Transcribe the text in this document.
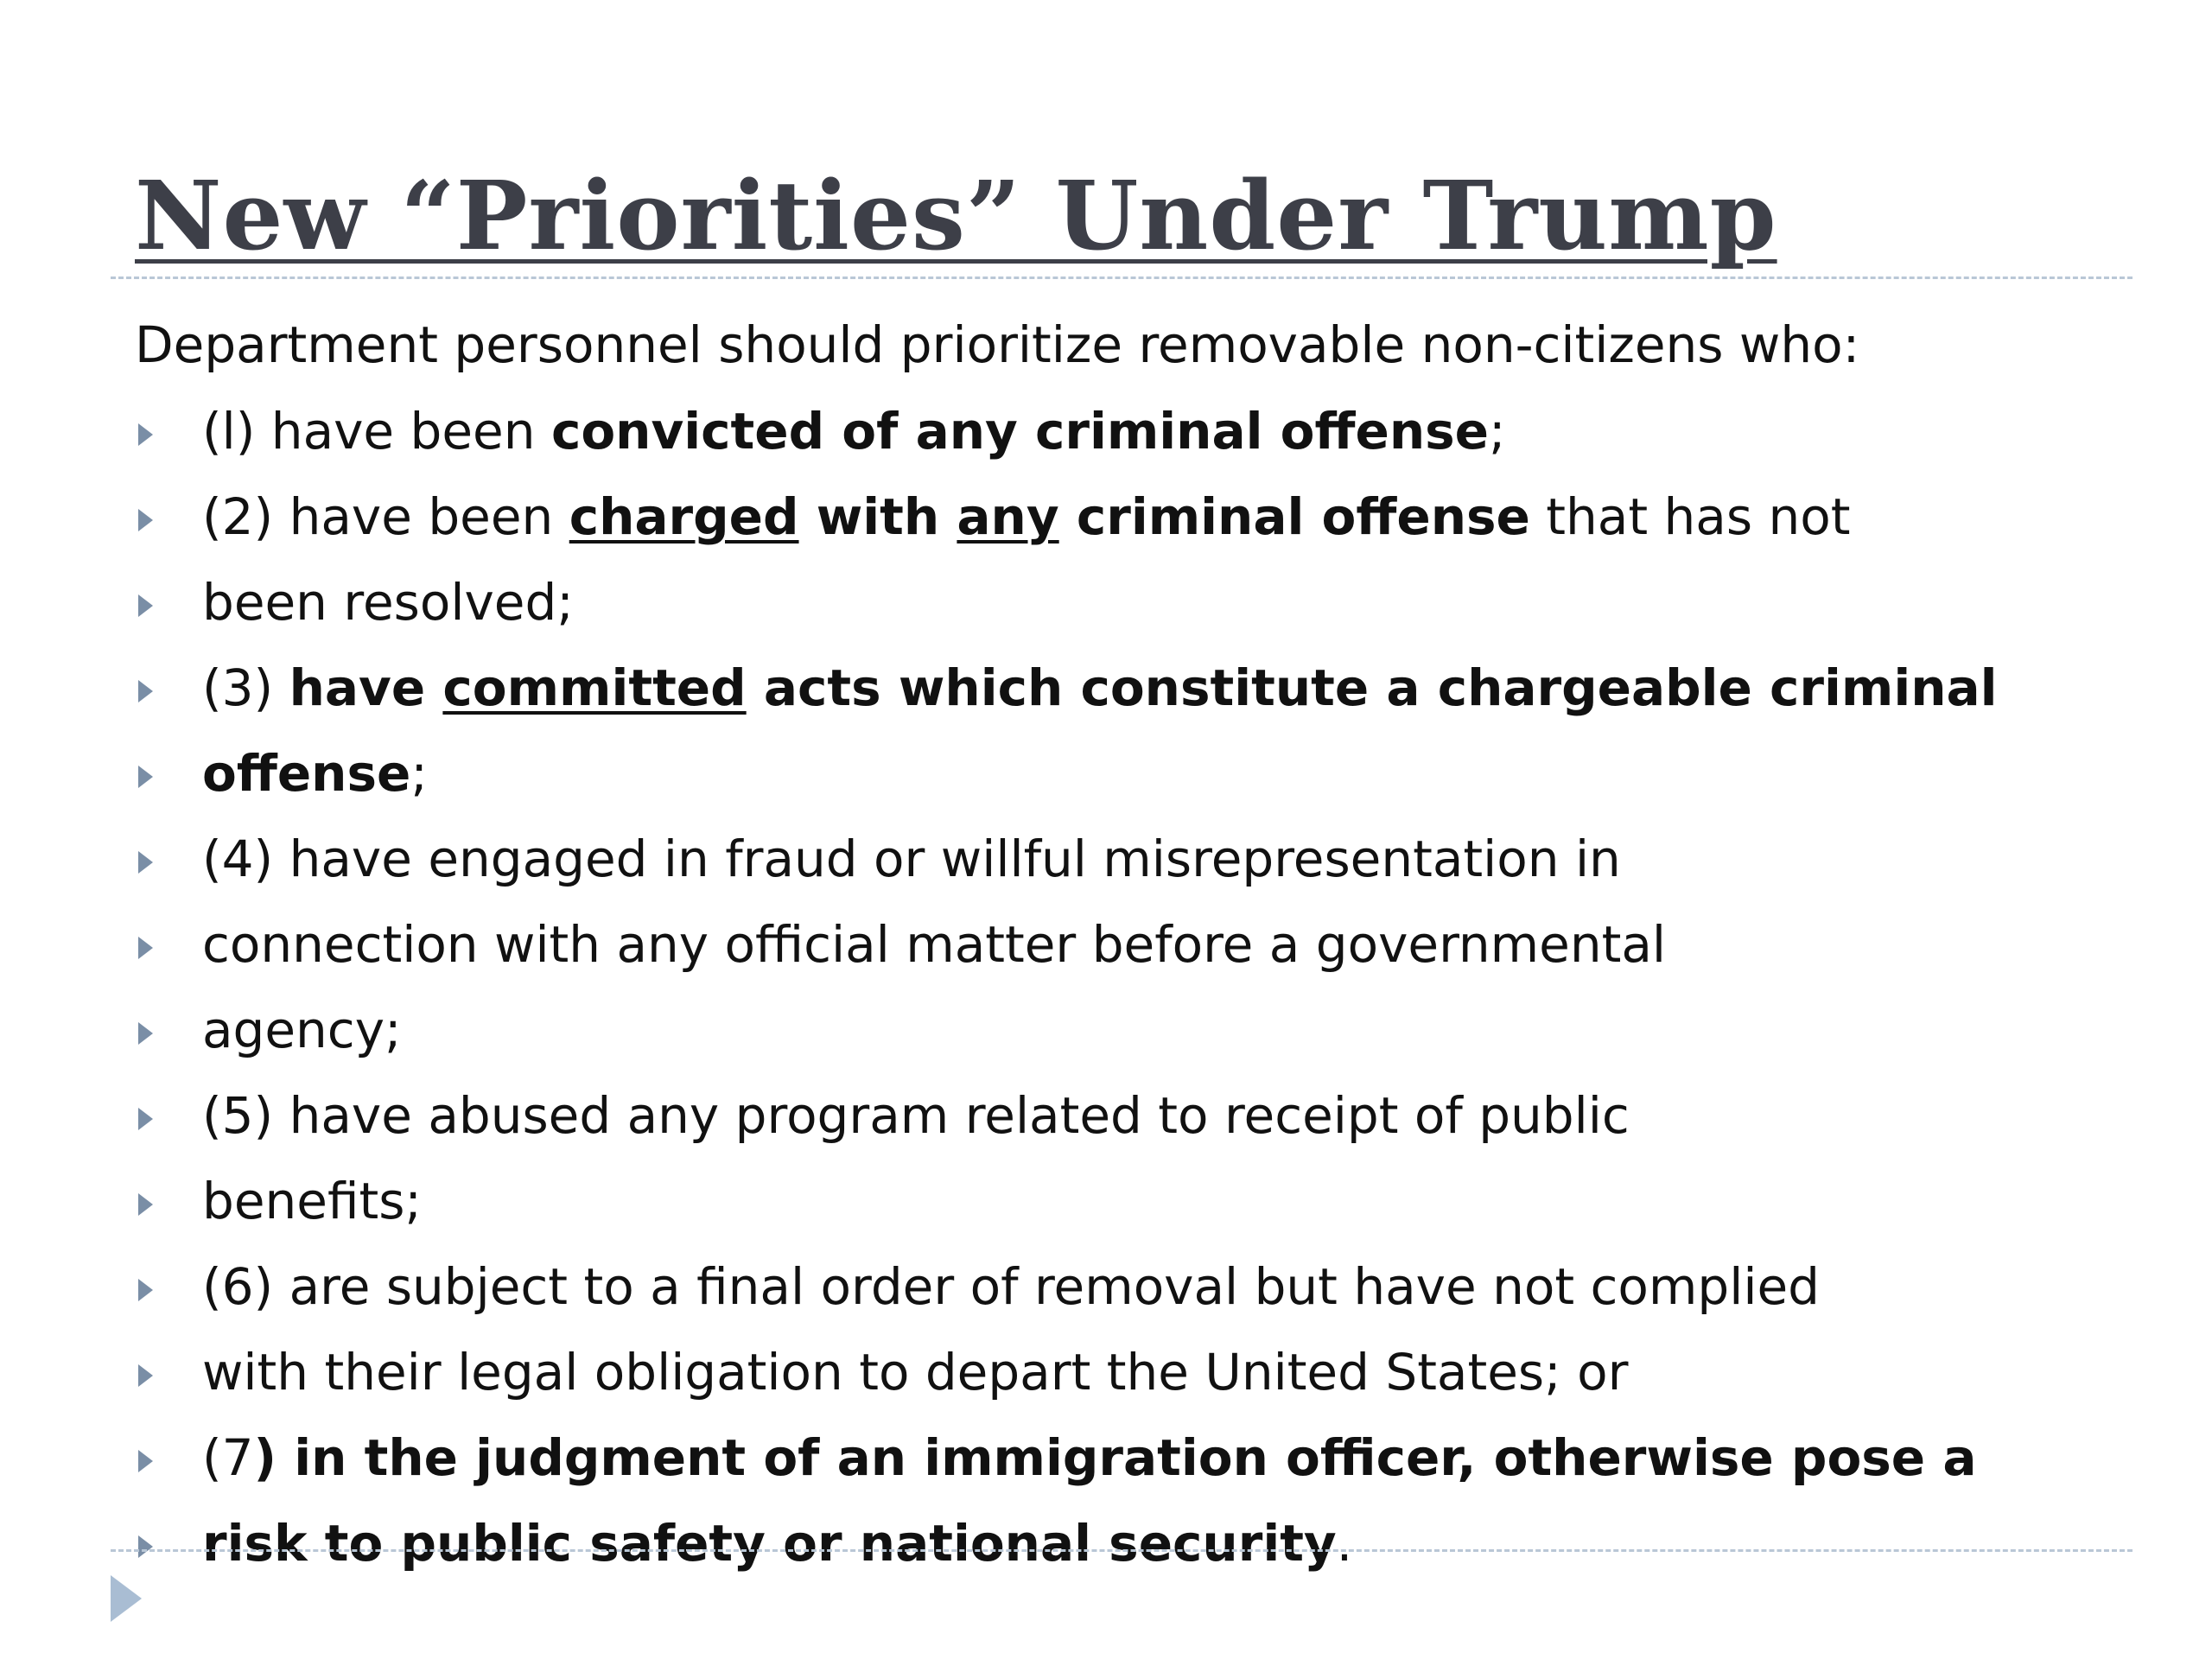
New “Priorities” Under Trump

Department personnel should prioritize removable non-citizens who:

(l) have been convicted of any criminal offense;
(2) have been charged with any criminal offense that has not
been resolved;
(3) have committed acts which constitute a chargeable criminal
offense;
(4) have engaged in fraud or willful misrepresentation in
connection with any official matter before a governmental
agency;
(5) have abused any program related to receipt of public
benefits;
(6) are subject to a final order of removal but have not complied
with their legal obligation to depart the United States; or
(7) in the judgment of an immigration officer, otherwise pose a
risk to public safety or national security.
